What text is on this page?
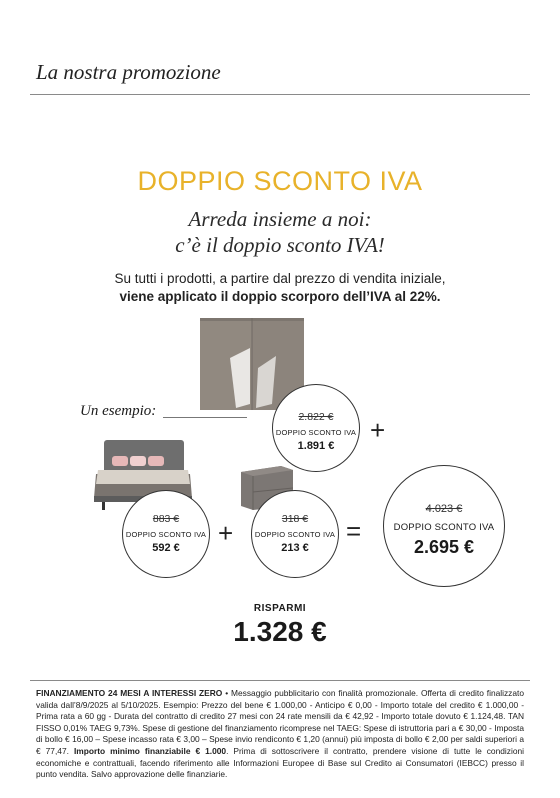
La nostra promozione
DOPPIO SCONTO IVA
Arreda insieme a noi:
c’è il doppio sconto IVA!
Su tutti i prodotti, a partire dal prezzo di vendita iniziale,
viene applicato il doppio scorporo dell’IVA al 22%.
Un esempio:	2.822 €
DOPPIO SCONTO IVA
1.891 €
+
883 €
DOPPIO SCONTO IVA
592 €	+	318 €
DOPPIO SCONTO IVA
213 €
=
4.023 €
DOPPIO SCONTO IVA
2.695 €
RISPARMI
1.328 €
FINANZIAMENTO 24 MESI A INTERESSI ZERO • Messaggio pubblicitario con finalità promozionale. Offerta di credito finalizzato valida dall’8/9/2025 al 5/10/2025. Esempio: Prezzo del bene € 1.000,00 - Anticipo € 0,00 - Importo totale del credito € 1.000,00 - Prima rata a 60 gg - Durata del contratto di credito 27 mesi con 24 rate mensili da € 42,92 - Importo totale dovuto € 1.124,48. TAN FISSO 0,01% TAEG 9,73%. Spese di gestione del finanziamento ricomprese nel TAEG: Spese di istruttoria pari a € 30,00 - Imposta di bollo € 16,00 – Spese incasso rata € 3,00 – Spese invio rendiconto € 1,20 (annui) più imposta di bollo € 2,00 per saldi superiori a € 77,47. Importo minimo finanziabile € 1.000. Prima di sottoscrivere il contratto, prendere visione di tutte le condizioni economiche e contrattuali, facendo riferimento alle Informazioni Europee di Base sul Credito ai Consumatori (IEBCC) presso il punto vendita. Salvo approvazione delle finanziarie.
